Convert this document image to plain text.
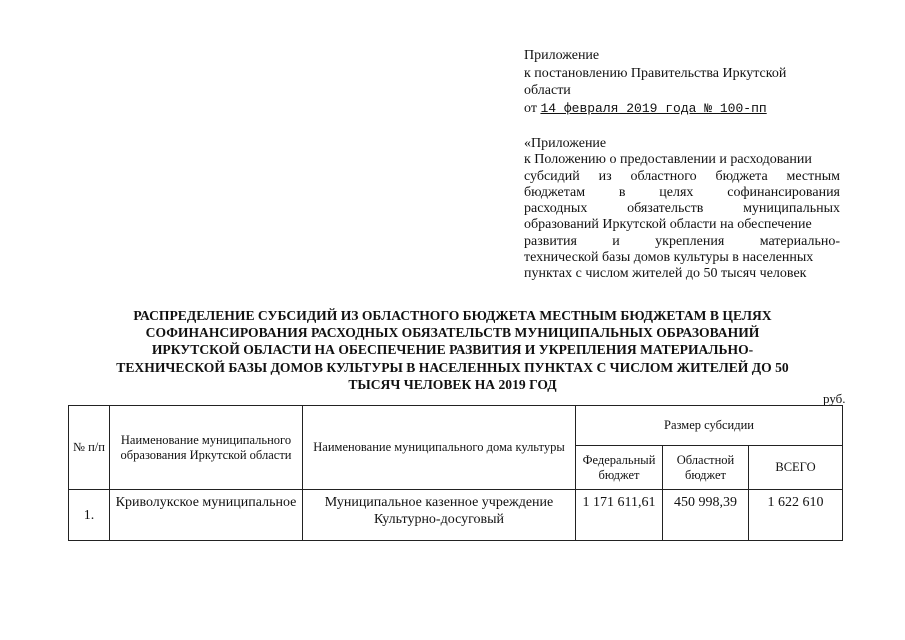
Приложение
к постановлению Правительства Иркутской
области
от 14 февраля 2019 года № 100-пп
«Приложение
к Положению о предоставлении и расходовании
субсидий из областного бюджета местным
бюджетам в целях софинансирования
расходных обязательств муниципальных
образований Иркутской области на обеспечение
развития и укрепления материально-
технической базы домов культуры в населенных
пунктах с числом жителей до 50 тысяч человек
РАСПРЕДЕЛЕНИЕ СУБСИДИЙ ИЗ ОБЛАСТНОГО БЮДЖЕТА МЕСТНЫМ БЮДЖЕТАМ В ЦЕЛЯХ
СОФИНАНСИРОВАНИЯ РАСХОДНЫХ ОБЯЗАТЕЛЬСТВ МУНИЦИПАЛЬНЫХ ОБРАЗОВАНИЙ
ИРКУТСКОЙ ОБЛАСТИ НА ОБЕСПЕЧЕНИЕ РАЗВИТИЯ И УКРЕПЛЕНИЯ МАТЕРИАЛЬНО-
ТЕХНИЧЕСКОЙ БАЗЫ ДОМОВ КУЛЬТУРЫ В НАСЕЛЕННЫХ ПУНКТАХ С ЧИСЛОМ ЖИТЕЛЕЙ ДО 50
ТЫСЯЧ ЧЕЛОВЕК НА 2019 ГОД
руб.
№ п/п	Наименование муниципального образования Иркутской области	Наименование муниципального дома культуры	Размер субсидии		
			Федеральный бюджет	Областной бюджет	ВСЕГО
1.	Криволукское муниципальное	Муниципальное казенное учреждение Культурно-досуговый	1 171 611,61	450 998,39	1 622 610
